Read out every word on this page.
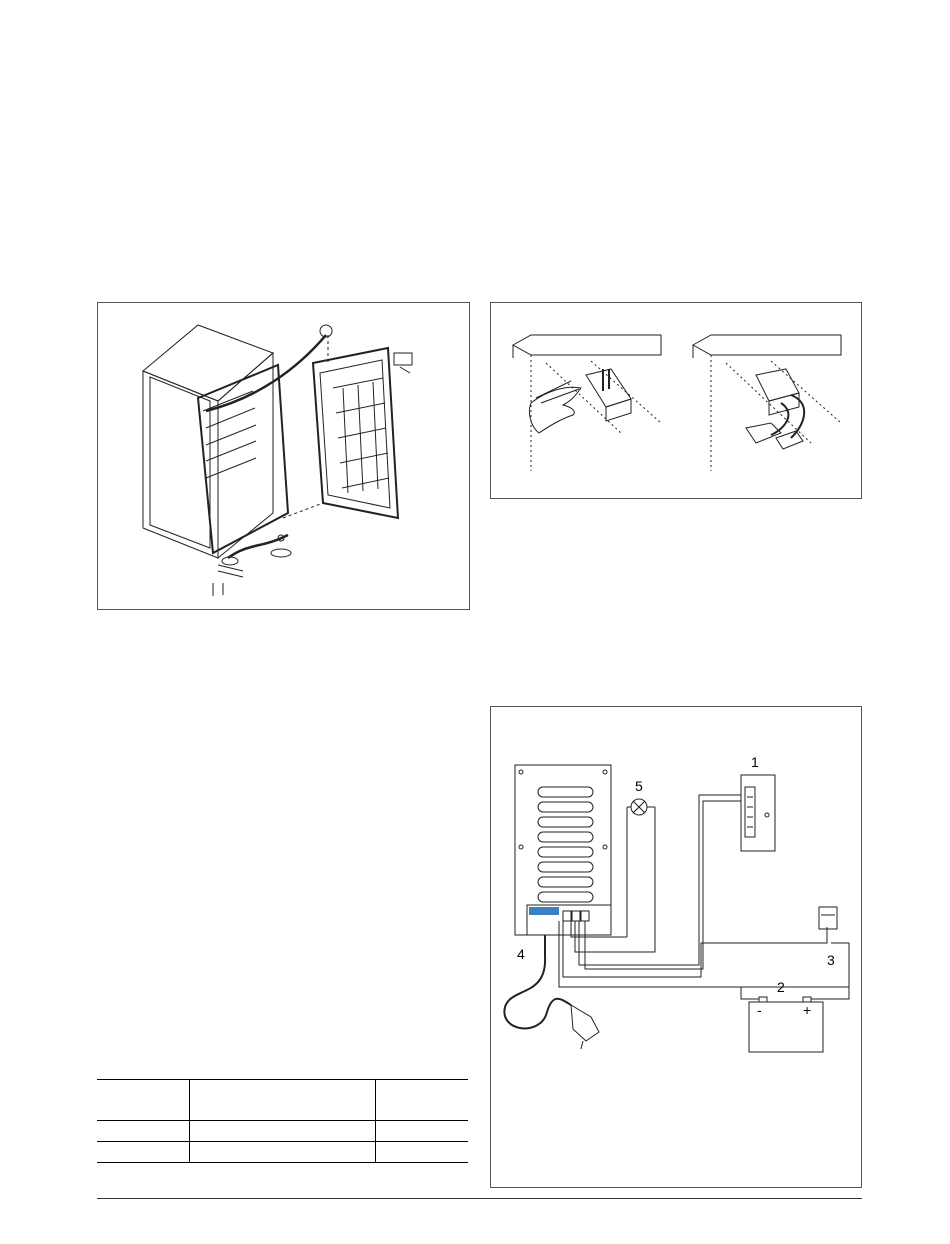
1
2
3
4
5
-	+
